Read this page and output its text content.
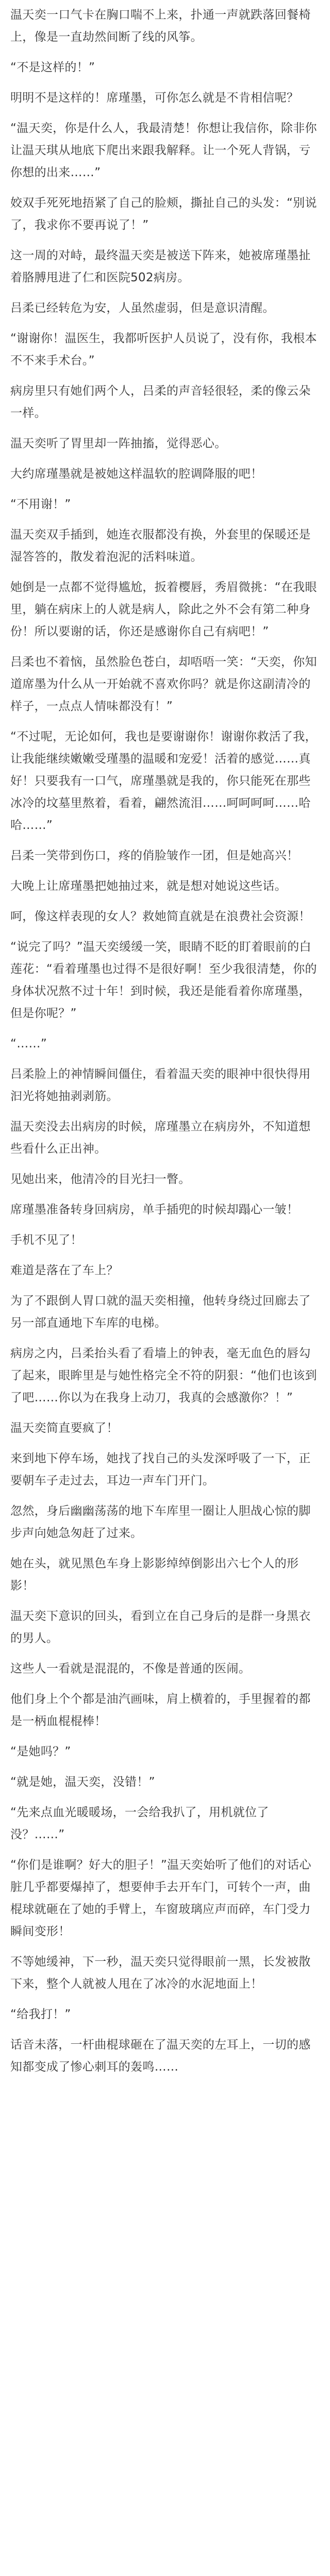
温天奕一口气卡在胸口喘不上来，扑通一声就跌落回餐椅上，像是一直劫然间断了线的风筝。

“不是这样的！”

明明不是这样的！席瑾墨，可你怎么就是不肯相信呢？

“温天奕，你是什么人，我最清楚！你想让我信你，除非你让温天琪从地底下爬出来跟我解释。让一个死人背锅，亏你想的出来……”

姣双手死死地捂紧了自己的脸颊，撕扯自己的头发：“别说了，我求你不要再说了！”

这一周的对峙，最终温天奕是被送下阵来，她被席瑾墨扯着胳膊甩进了仁和医院502病房。

吕柔已经转危为安，人虽然虚弱，但是意识清醒。

“谢谢你！温医生，我都听医护人员说了，没有你，我根本不不来手术台。”

病房里只有她们两个人，吕柔的声音轻很轻，柔的像云朵一样。

温天奕听了胃里却一阵抽搐，觉得恶心。

大约席瑾墨就是被她这样温软的腔调降服的吧！

“不用谢！”

温天奕双手插到，她连衣服都没有换，外套里的保暖还是湿答答的，散发着泡泥的活料味道。

她倒是一点都不觉得尴尬，扳着樱唇，秀眉微挑：“在我眼里，躺在病床上的人就是病人，除此之外不会有第二种身份！所以要谢的话，你还是感谢你自己有病吧！”

吕柔也不着恼，虽然脸色苍白，却唔唔一笑：“天奕，你知道席墨为什么从一开始就不喜欢你吗？就是你这副清冷的样子，一点点人情味都没有！”

“不过呢，无论如何，我也是要谢谢你！谢谢你救活了我，让我能继续嫩嫩受瑾墨的温暖和宠爱！活着的感觉……真好！只要我有一口气，席瑾墨就是我的，你只能死在那些冰冷的坟墓里熬着，看着，翩然流泪……呵呵呵呵……哈哈……”

吕柔一笑带到伤口，疼的俏脸皱作一团，但是她高兴！

大晚上让席瑾墨把她抽过来，就是想对她说这些话。

呵，像这样表现的女人？救她简直就是在浪费社会资源！

“说完了吗？”温天奕缓缓一笑，眼睛不眨的盯着眼前的白莲花：“看着瑾墨也过得不是很好啊！至少我很清楚，你的身体状况熬不过十年！到时候，我还是能看着你席瑾墨，但是你呢？”

“……”

吕柔脸上的神情瞬间僵住，看着温天奕的眼神中很快得用汩光将她抽剥剥筋。

温天奕没去出病房的时候，席瑾墨立在病房外，不知道想些看什么正出神。

见她出来，他清冷的目光扫一瞥。

席瑾墨准备转身回病房，单手插兜的时候却蹋心一皱！

手机不见了！

难道是落在了车上？

为了不跟倒人胃口就的温天奕相撞，他转身绕过回廊去了另一部直通地下车库的电梯。

病房之内，吕柔抬头看了看墙上的钟表，毫无血色的唇勾了起来，眼眸里是与她性格完全不符的阴狠：“他们也该到了吧……你以为在我身上动刀，我真的会感激你？！”

温天奕简直要疯了！

来到地下停车场，她找了找自己的头发深呼吸了一下，正要朝车子走过去，耳边一声车门开门。

忽然，身后幽幽荡荡的地下车库里一圈让人胆战心惊的脚步声向她急匆赶了过来。

她在头，就见黑色车身上影影绰绰倒影出六七个人的形影！

温天奕下意识的回头，看到立在自己身后的是群一身黑衣的男人。

这些人一看就是混混的，不像是普通的医闹。

他们身上个个都是油汽画味，肩上横着的，手里握着的都是一柄血棍棍棒！

“是她吗？”

“就是她，温天奕，没错！”

“先来点血光暖暖场，一会给我扒了，用机就位了没？……”

“你们是谁啊？好大的胆子！”温天奕始听了他们的对话心脏几乎都要爆掉了，想要伸手去开车门，可转个一声，曲棍球就砸在了她的手臂上，车窗玻璃应声而碎，车门受力瞬间变形！

不等她缓神，下一秒，温天奕只觉得眼前一黑，长发被散下来，整个人就被人甩在了冰冷的水泥地面上！

“给我打！”

话音未落，一杆曲棍球砸在了温天奕的左耳上，一切的感知都变成了惨心刺耳的轰鸣……
